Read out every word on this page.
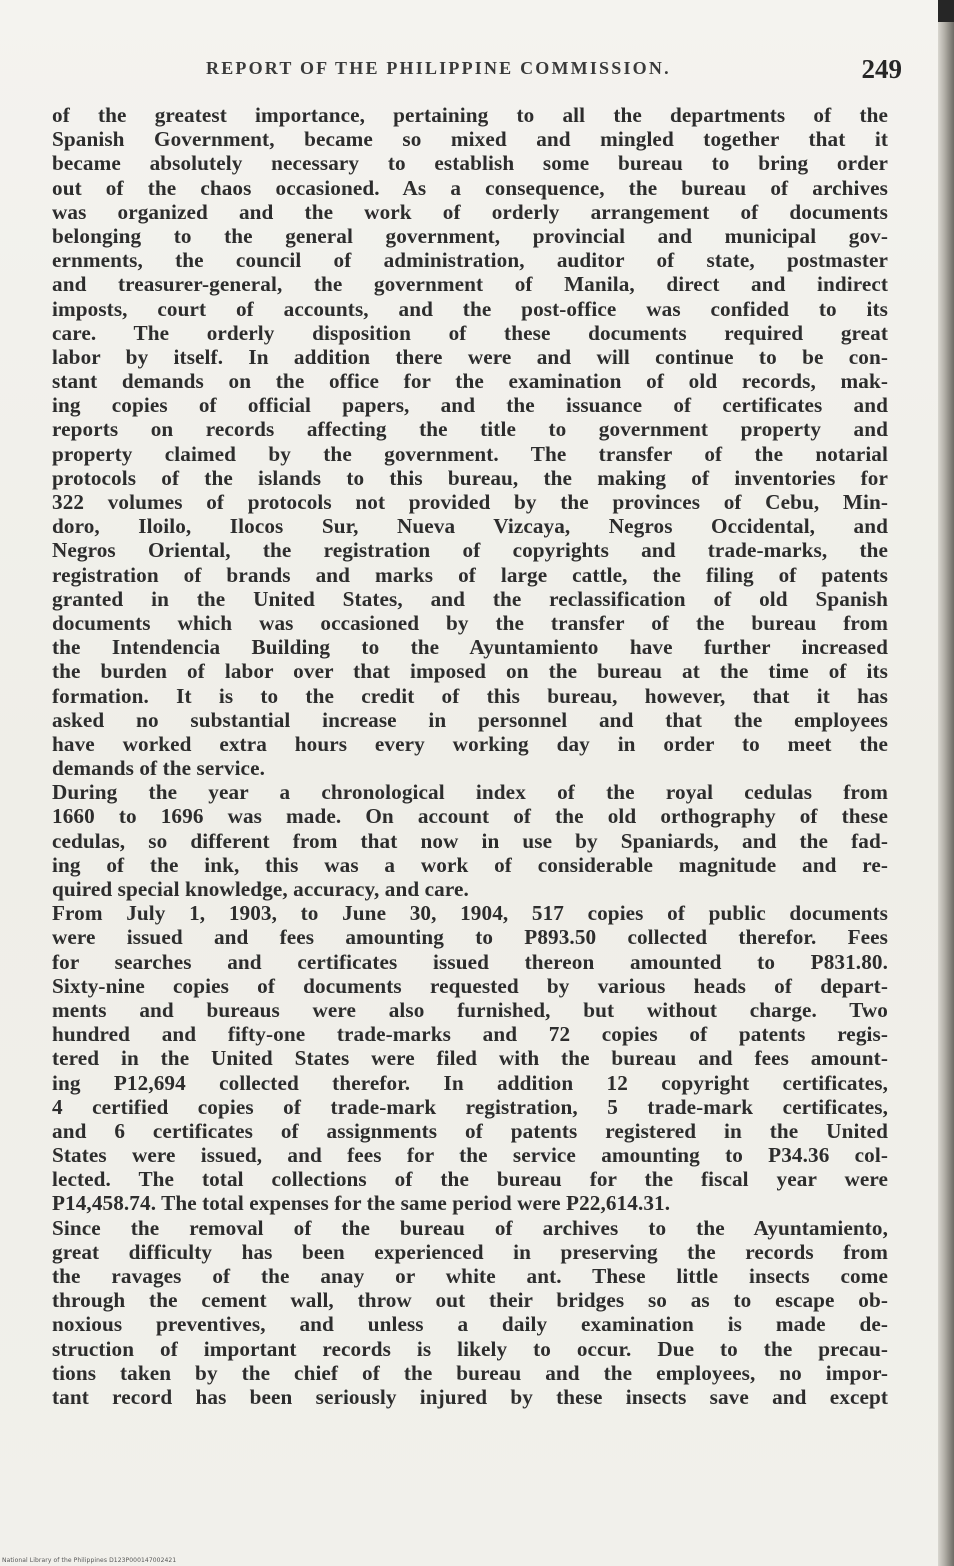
REPORT OF THE PHILIPPINE COMMISSION.	249
of the greatest importance, pertaining to all the departments of the
Spanish Government, became so mixed and mingled together that it
became absolutely necessary to establish some bureau to bring order
out of the chaos occasioned. As a consequence, the bureau of archives
was organized and the work of orderly arrangement of documents
belonging to the general government, provincial and municipal gov-
ernments, the council of administration, auditor of state, postmaster
and treasurer-general, the government of Manila, direct and indirect
imposts, court of accounts, and the post-office was confided to its
care. The orderly disposition of these documents required great
labor by itself. In addition there were and will continue to be con-
stant demands on the office for the examination of old records, mak-
ing copies of official papers, and the issuance of certificates and
reports on records affecting the title to government property and
property claimed by the government. The transfer of the notarial
protocols of the islands to this bureau, the making of inventories for
322 volumes of protocols not provided by the provinces of Cebu, Min-
doro, Iloilo, Ilocos Sur, Nueva Vizcaya, Negros Occidental, and
Negros Oriental, the registration of copyrights and trade-marks, the
registration of brands and marks of large cattle, the filing of patents
granted in the United States, and the reclassification of old Spanish
documents which was occasioned by the transfer of the bureau from
the Intendencia Building to the Ayuntamiento have further increased
the burden of labor over that imposed on the bureau at the time of its
formation. It is to the credit of this bureau, however, that it has
asked no substantial increase in personnel and that the employees
have worked extra hours every working day in order to meet the
demands of the service.
During the year a chronological index of the royal cedulas from
1660 to 1696 was made. On account of the old orthography of these
cedulas, so different from that now in use by Spaniards, and the fad-
ing of the ink, this was a work of considerable magnitude and re-
quired special knowledge, accuracy, and care.
From July 1, 1903, to June 30, 1904, 517 copies of public documents
were issued and fees amounting to P893.50 collected therefor. Fees
for searches and certificates issued thereon amounted to P831.80.
Sixty-nine copies of documents requested by various heads of depart-
ments and bureaus were also furnished, but without charge. Two
hundred and fifty-one trade-marks and 72 copies of patents regis-
tered in the United States were filed with the bureau and fees amount-
ing P12,694 collected therefor. In addition 12 copyright certificates,
4 certified copies of trade-mark registration, 5 trade-mark certificates,
and 6 certificates of assignments of patents registered in the United
States were issued, and fees for the service amounting to P34.36 col-
lected. The total collections of the bureau for the fiscal year were
P14,458.74. The total expenses for the same period were P22,614.31.
Since the removal of the bureau of archives to the Ayuntamiento,
great difficulty has been experienced in preserving the records from
the ravages of the anay or white ant. These little insects come
through the cement wall, throw out their bridges so as to escape ob-
noxious preventives, and unless a daily examination is made de-
struction of important records is likely to occur. Due to the precau-
tions taken by the chief of the bureau and the employees, no impor-
tant record has been seriously injured by these insects save and except
National Library of the Philippines D123P000147002421
